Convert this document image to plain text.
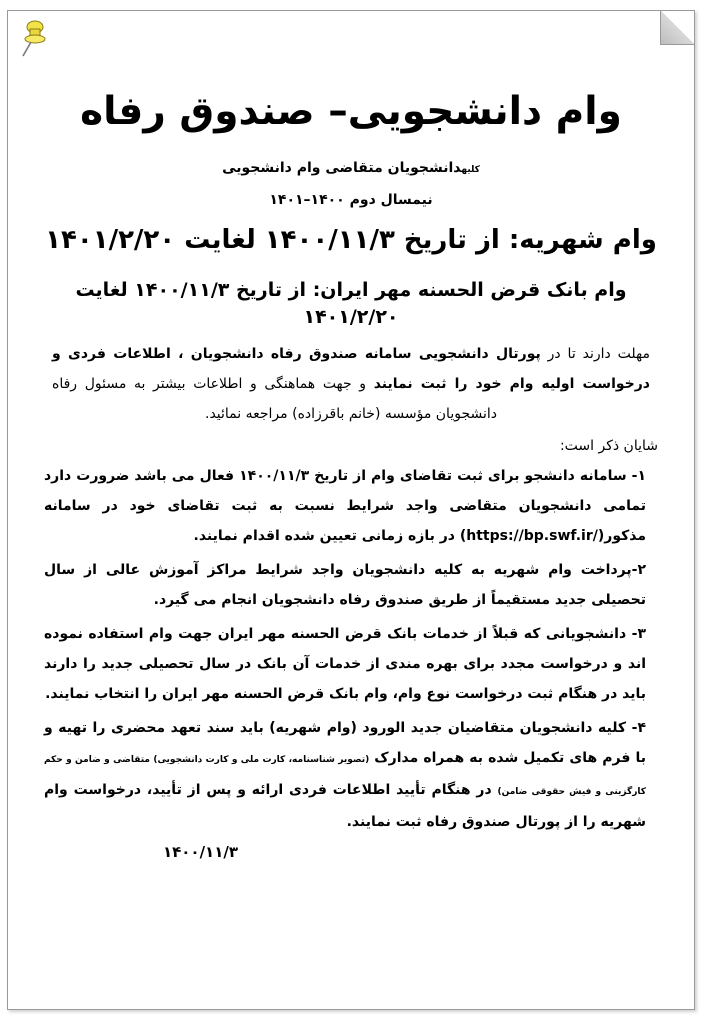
وام دانشجویی– صندوق رفاه
کلیهدانشجویان متقاضی وام دانشجویی
نیمسال دوم ۱۴۰۰–۱۴۰۱
وام شهریه: از تاریخ ۱۴۰۰/۱۱/۳ لغایت ۱۴۰۱/۲/۲۰
وام بانک قرض الحسنه مهر ایران: از تاریخ ۱۴۰۰/۱۱/۳ لغایت ۱۴۰۱/۲/۲۰
مهلت دارند تا در پورتال دانشجویی سامانه صندوق رفاه دانشجویان ، اطلاعات فردی و درخواست اولیه وام خود را ثبت نمایند و جهت هماهنگی و اطلاعات بیشتر به مسئول رفاه دانشجویان مؤسسه (خانم باقرزاده) مراجعه نمائید.
شایان ذکر است:
۱- سامانه دانشجو برای ثبت تقاضای وام از تاریخ ۱۴۰۰/۱۱/۳ فعال می باشد ضرورت دارد تمامی دانشجویان متقاضی واجد شرایط نسبت به ثبت تقاضای خود در سامانه مذکور(https://bp.swf.ir/) در بازه زمانی تعیین شده اقدام نمایند.
۲-پرداخت وام شهریه به کلیه دانشجویان واجد شرایط مراکز آموزش عالی از سال تحصیلی جدید مستقیماً از طریق صندوق رفاه دانشجویان انجام می گیرد.
۳- دانشجویانی که قبلاً از خدمات بانک قرض الحسنه مهر ایران جهت وام استفاده نموده اند و درخواست مجدد برای بهره مندی از خدمات آن بانک در سال تحصیلی جدید را دارند باید در هنگام ثبت درخواست نوع وام، وام بانک قرض الحسنه مهر ایران را انتخاب نمایند.
۴- کلیه دانشجویان متقاضیان جدید الورود (وام شهریه) باید سند تعهد محضری را تهیه و با فرم های تکمیل شده به همراه مدارک (تصویر شناسنامه، کارت ملی و کارت دانشجویی) متقاضی و ضامن و حکم کارگزینی و فیش حقوقی ضامن) در هنگام تأیید اطلاعات فردی ارائه و پس از تأیید، درخواست وام شهریه را از پورتال صندوق رفاه ثبت نمایند.
۱۴۰۰/۱۱/۳
